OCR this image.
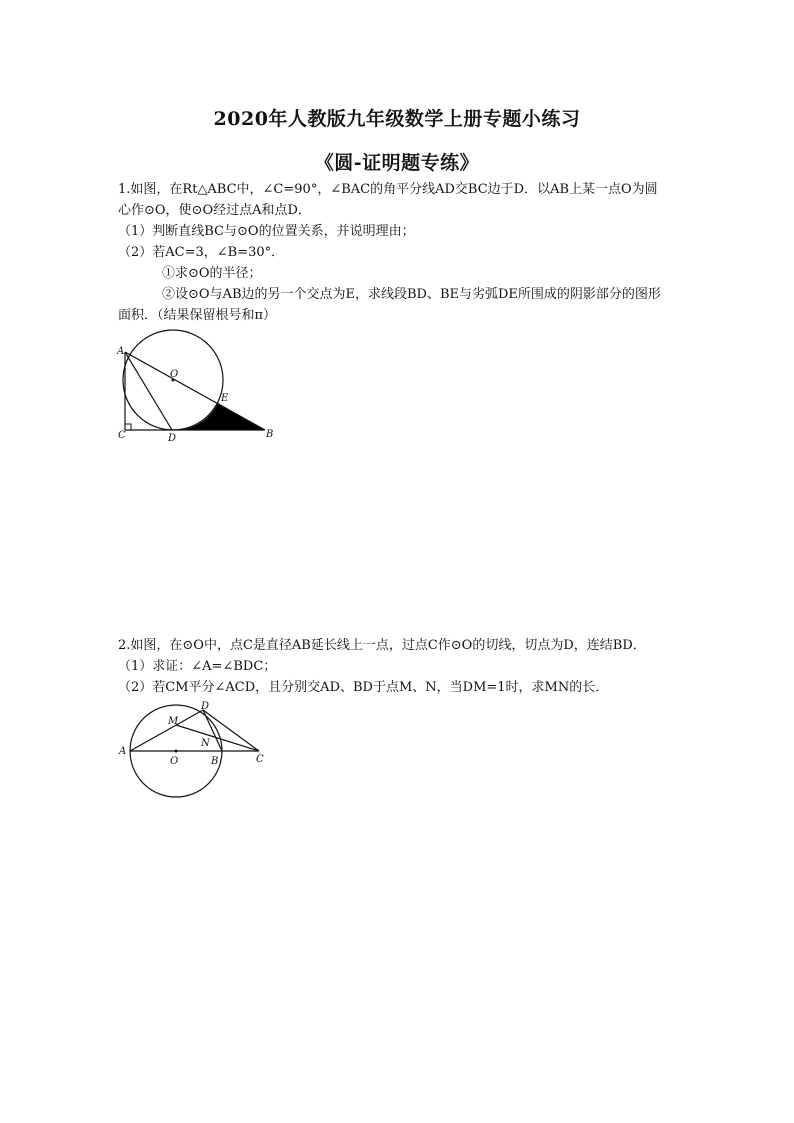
2020年人教版九年级数学上册专题小练习
《圆-证明题专练》
1.如图，在Rt△ABC中，∠C=90°，∠BAC的角平分线AD交BC边于D．以AB上某一点O为圆
心作⊙O，使⊙O经过点A和点D．
（1）判断直线BC与⊙O的位置关系，并说明理由；
（2）若AC=3，∠B=30°．
①求⊙O的半径；
②设⊙O与AB边的另一个交点为E，求线段BD、BE与劣弧DE所围成的阴影部分的图形
面积．（结果保留根号和π）
A
O
E
C	D	B
2.如图，在⊙O中，点C是直径AB延长线上一点，过点C作⊙O的切线，切点为D，连结BD．
（1）求证：∠A=∠BDC；
（2）若CM平分∠ACD，且分别交AD、BD于点M、N，当DM=1时，求MN的长．
D
M
N
A
O	B	C
